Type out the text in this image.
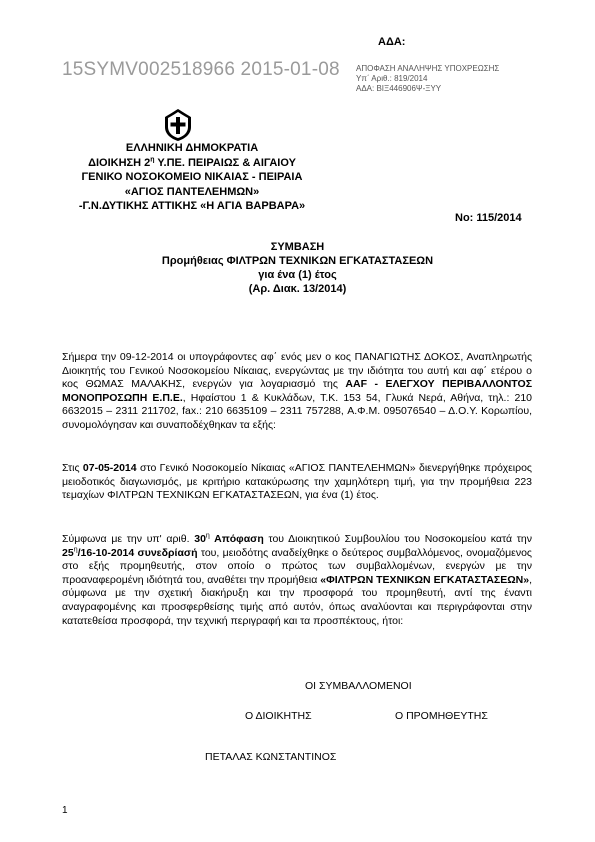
ΑΔΑ:
15SYMV002518966 2015-01-08 ΑΠΟΦΑΣΗ ΑΝΑΛΗΨΗΣ ΥΠΟΧΡΕΩΣΗΣ
Υπ΄ Αριθ.: 819/2014
ΑΔΑ: ΒΙΞ446906Ψ-ΞΥΥ
ΕΛΛΗΝΙΚΗ ΔΗΜΟΚΡΑΤΙΑ
ΔΙΟΙΚΗΣΗ $2^\eta$ Υ.ΠΕ. ΠΕΙΡΑΙΩΣ & ΑΙΓΑΙΟΥ
ΓΕΝΙΚΟ ΝΟΣΟΚΟΜΕΙΟ ΝΙΚΑΙΑΣ - ΠΕΙΡΑΙΑ
«ΑΓΙΟΣ ΠΑΝΤΕΛΕΗΜΩΝ»
-Γ.Ν.ΔΥΤΙΚΗΣ ΑΤΤΙΚΗΣ «Η ΑΓΙΑ ΒΑΡΒΑΡΑ»
Νο: 115/2014
ΣΥΜΒΑΣΗ
Προμήθειας ΦΙΛΤΡΩΝ ΤΕΧΝΙΚΩΝ ΕΓΚΑΤΑΣΤΑΣΕΩΝ
για ένα (1) έτος
(Αρ. Διακ. 13/2014)
Σήμερα την 09-12-2014 οι υπογράφοντες αφ΄ ενός μεν ο κος ΠΑΝΑΓΙΩΤΗΣ ΔΟΚΟΣ, Αναπληρωτής Διοικητής του Γενικού Νοσοκομείου Νίκαιας, ενεργώντας με την ιδιότητα του αυτή και αφ΄ ετέρου ο κος ΘΩΜΑΣ ΜΑΛΑΚΗΣ, ενεργών για λογαριασμό της AAF - ΕΛΕΓΧΟΥ ΠΕΡΙΒΑΛΛΟΝΤΟΣ ΜΟΝΟΠΡΟΣΩΠΗ Ε.Π.Ε., Ηφαίστου 1 & Κυκλάδων, Τ.Κ. 153 54, Γλυκά Νερά, Αθήνα, τηλ.: 210 6632015 – 2311 211702, fax.: 210 6635109 – 2311 757288, Α.Φ.Μ. 095076540 – Δ.Ο.Υ. Κορωπίου, συνομολόγησαν και συναποδέχθηκαν τα εξής:
Στις 07-05-2014 στο Γενικό Νοσοκομείο Νίκαιας «ΑΓΙΟΣ ΠΑΝΤΕΛΕΗΜΩΝ» διενεργήθηκε πρόχειρος μειοδοτικός διαγωνισμός, με κριτήριο κατακύρωσης την χαμηλότερη τιμή, για την προμήθεια 223 τεμαχίων ΦΙΛΤΡΩΝ ΤΕΧΝΙΚΩΝ ΕΓΚΑΤΑΣΤΑΣΕΩΝ, για ένα (1) έτος.
Σύμφωνα με την υπ' αριθ. $30^\eta$ Απόφαση του Διοικητικού Συμβουλίου του Νοσοκομείου κατά την $25^\eta/16-10-2014$ συνεδρίασή του, μειοδότης αναδείχθηκε ο δεύτερος συμβαλλόμενος, ονομαζόμενος στο εξής προμηθευτής, στον οποίο ο πρώτος των συμβαλλομένων, ενεργών με την προαναφερομένη ιδιότητά του, αναθέτει την προμήθεια «ΦΙΛΤΡΩΝ ΤΕΧΝΙΚΩΝ ΕΓΚΑΤΑΣΤΑΣΕΩΝ», σύμφωνα με την σχετική διακήρυξη και την προσφορά του προμηθευτή, αντί της έναντι αναγραφομένης και προσφερθείσης τιμής από αυτόν, όπως αναλύονται και περιγράφονται στην κατατεθείσα προσφορά, την τεχνική περιγραφή και τα προσπέκτους, ήτοι:
ΟΙ ΣΥΜΒΑΛΛΟΜΕΝΟΙ
Ο ΔΙΟΙΚΗΤΗΣ	Ο ΠΡΟΜΗΘΕΥΤΗΣ
ΠΕΤΑΛΑΣ ΚΩΝΣΤΑΝΤΙΝΟΣ
1
